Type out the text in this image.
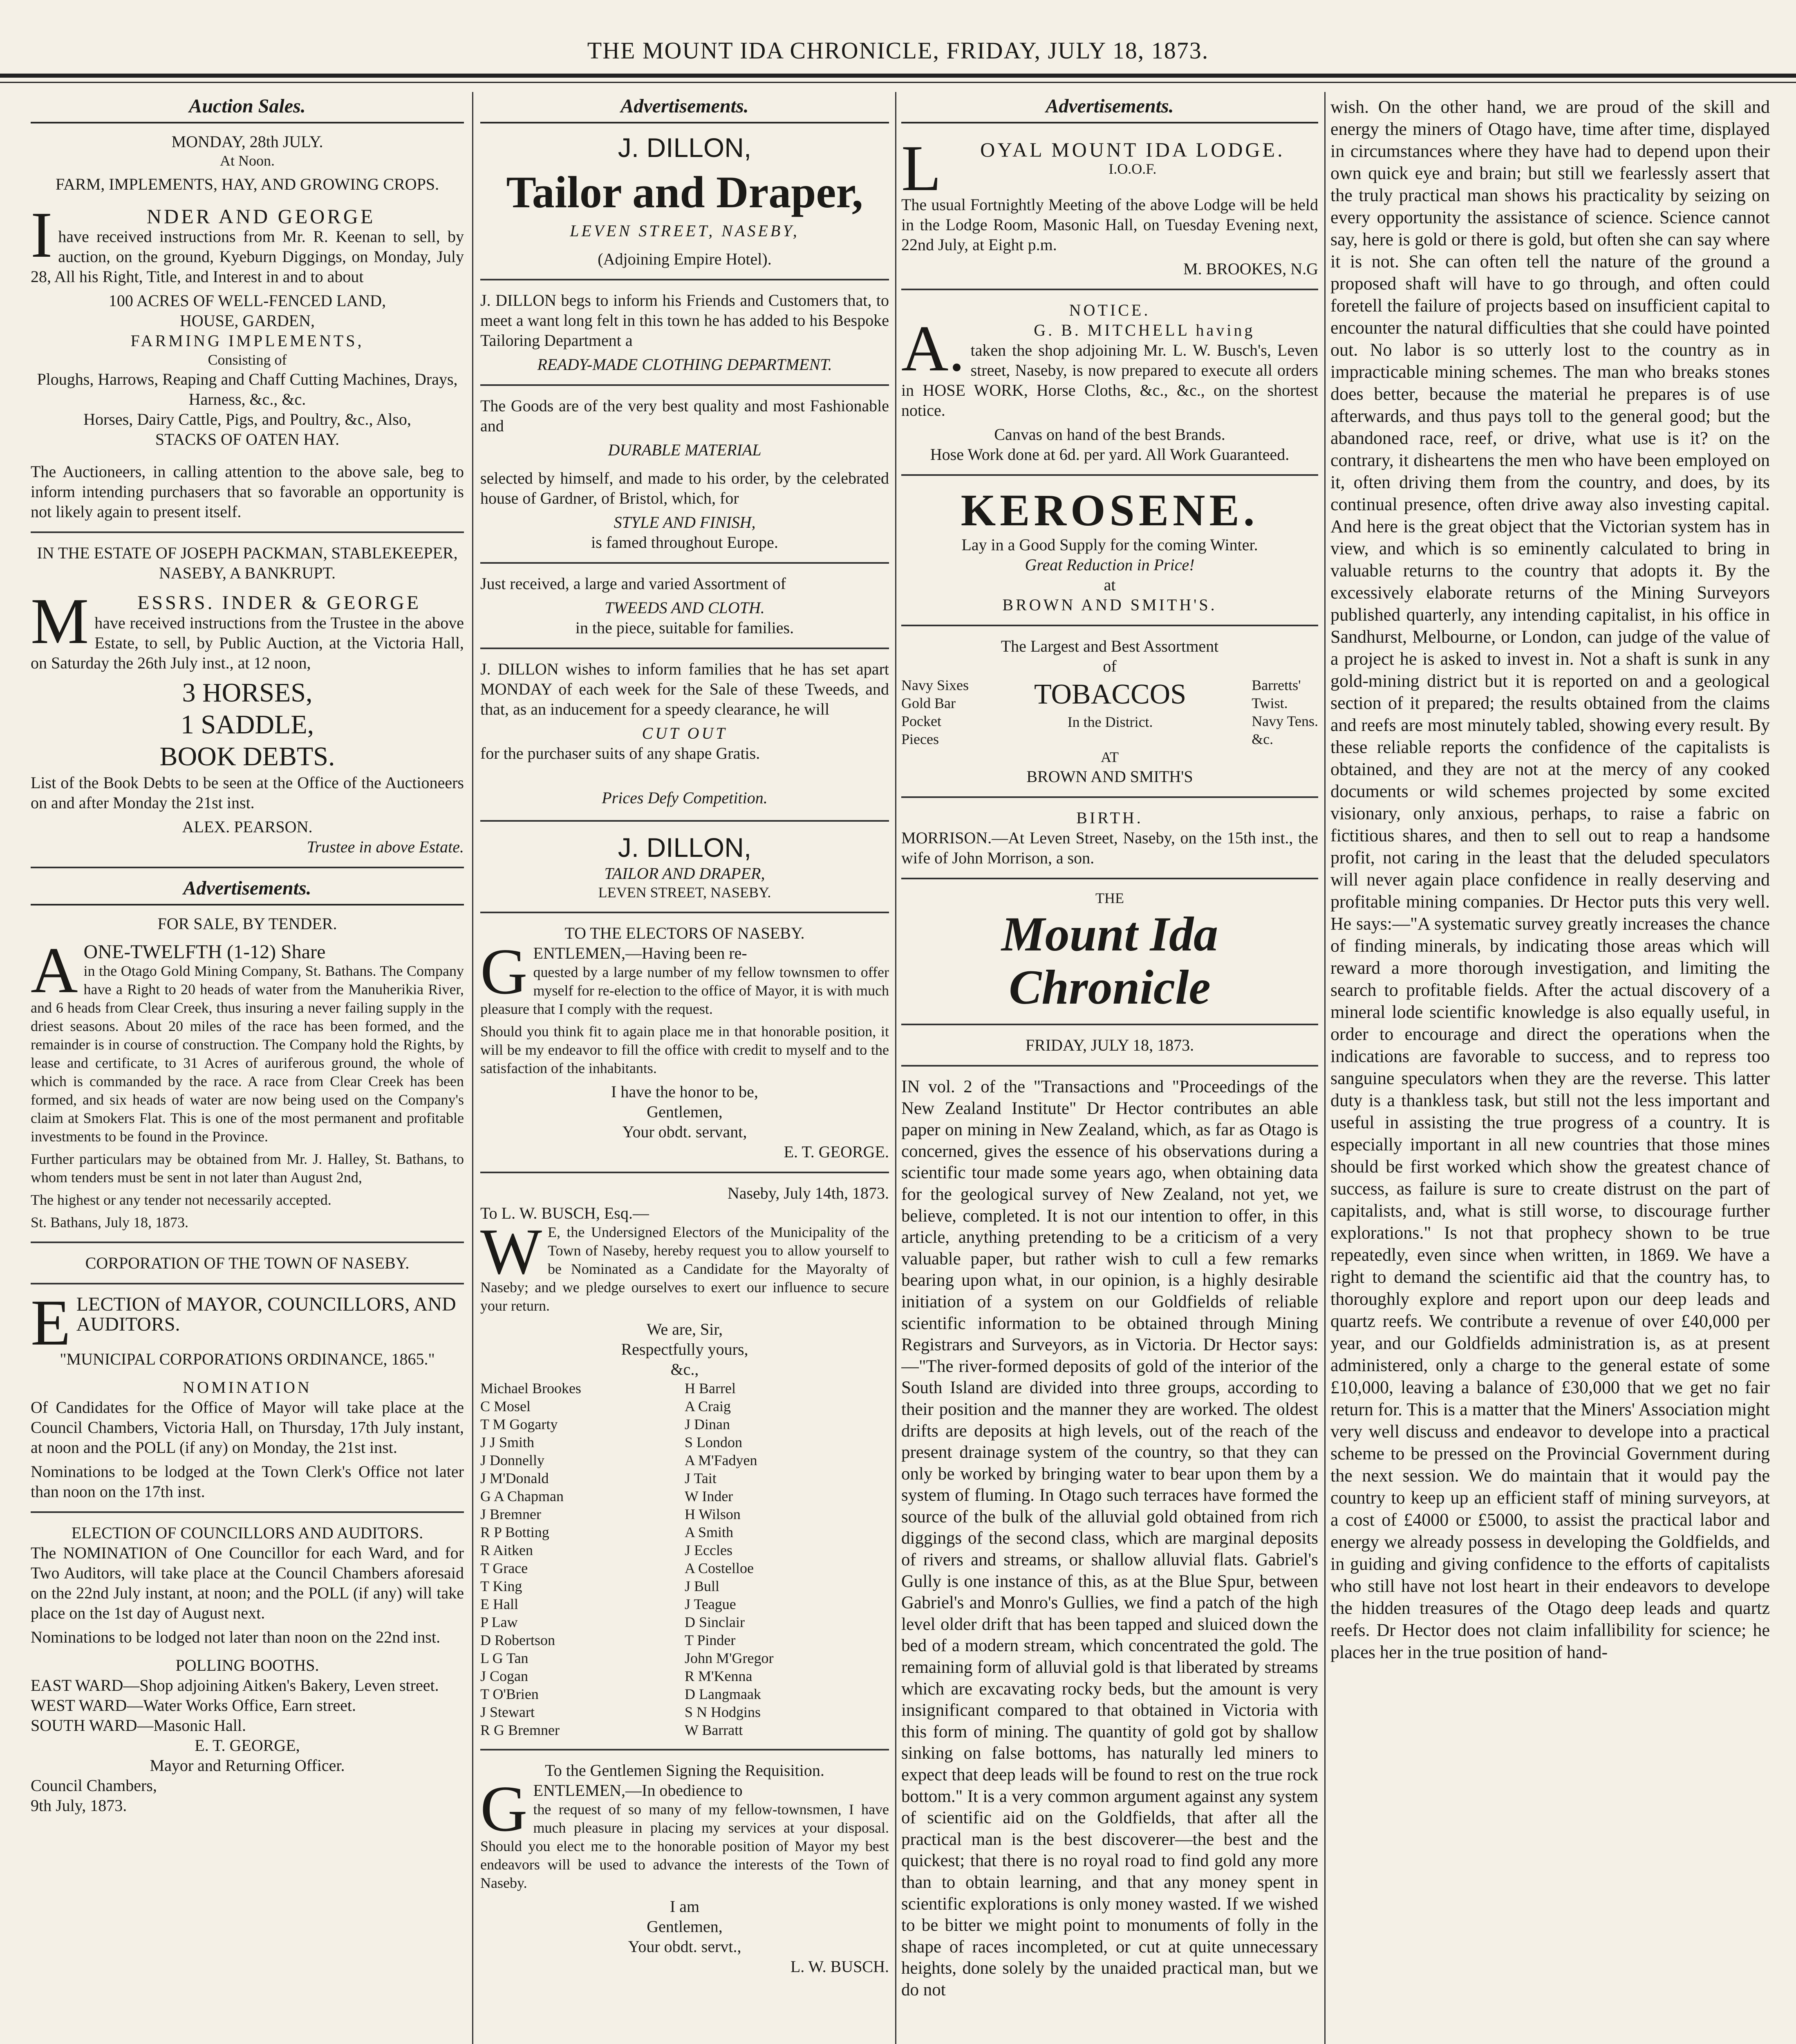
THE MOUNT IDA CHRONICLE, FRIDAY, JULY 18, 1873.
Auction Sales.
MONDAY, 28th JULY.
At Noon.
FARM, IMPLEMENTS, HAY, AND GROWING CROPS.
I	NDER AND GEORGE

have received instructions from Mr. R. Keenan to sell, by auction, on the ground, Kyeburn Diggings, on Monday, July 28, All his Right, Title, and Interest in and to about

100 ACRES OF WELL-FENCED LAND,
HOUSE, GARDEN,
FARMING IMPLEMENTS,
Consisting of
Ploughs, Harrows, Reaping and Chaff Cutting Machines, Drays, Harness, &c., &c.
Horses, Dairy Cattle, Pigs, and Poultry, &c., Also,
STACKS OF OATEN HAY.

The Auctioneers, in calling attention to the above sale, beg to inform intending purchasers that so favorable an opportunity is not likely again to present itself.

IN THE ESTATE OF JOSEPH PACKMAN, STABLEKEEPER, NASEBY, A BANKRUPT.
M	ESSRS. INDER & GEORGE

have received instructions from the Trustee in the above Estate, to sell, by Public Auction, at the Victoria Hall, on Saturday the 26th July inst., at 12 noon,

3 HORSES,
1 SADDLE,
BOOK DEBTS.

List of the Book Debts to be seen at the Office of the Auctioneers on and after Monday the 21st inst.

ALEX. PEARSON.
Trustee in above Estate.
Advertisements.
FOR SALE, BY TENDER.
A ONE-TWELFTH (1-12) Share

in the Otago Gold Mining Company, St. Bathans. The Company have a Right to 20 heads of water from the Manuherikia River, and 6 heads from Clear Creek, thus insuring a never failing supply in the driest seasons. About 20 miles of the race has been formed, and the remainder is in course of construction. The Company hold the Rights, by lease and certificate, to 31 Acres of auriferous ground, the whole of which is commanded by the race. A race from Clear Creek has been formed, and six heads of water are now being used on the Company's claim at Smokers Flat. This is one of the most permanent and profitable investments to be found in the Province.

Further particulars may be obtained from Mr. J. Halley, St. Bathans, to whom tenders must be sent in not later than August 2nd,

The highest or any tender not necessarily accepted.

St. Bathans, July 18, 1873.
CORPORATION OF THE TOWN OF NASEBY.
E LECTION of MAYOR, COUNCILLORS, AND AUDITORS.
"MUNICIPAL CORPORATIONS ORDINANCE, 1865."
NOMINATION

Of Candidates for the Office of Mayor will take place at the Council Chambers, Victoria Hall, on Thursday, 17th July instant, at noon and the POLL (if any) on Monday, the 21st inst.

Nominations to be lodged at the Town Clerk's Office not later than noon on the 17th inst.

ELECTION OF COUNCILLORS AND AUDITORS.

The NOMINATION of One Councillor for each Ward, and for Two Auditors, will take place at the Council Chambers aforesaid on the 22nd July instant, at noon; and the POLL (if any) will take place on the 1st day of August next.

Nominations to be lodged not later than noon on the 22nd inst.

POLLING BOOTHS.
EAST WARD—Shop adjoining Aitken's Bakery, Leven street.
WEST WARD—Water Works Office, Earn street.
SOUTH WARD—Masonic Hall.
E. T. GEORGE,
Mayor and Returning Officer.
Council Chambers,
9th July, 1873.
Advertisements.
J. DILLON,
Tailor and Draper,
LEVEN STREET, NASEBY,
(Adjoining Empire Hotel).

J. DILLON begs to inform his Friends and Customers that, to meet a want long felt in this town he has added to his Bespoke Tailoring Department a

READY-MADE CLOTHING DEPARTMENT.

The Goods are of the very best quality and most Fashionable and

DURABLE MATERIAL

selected by himself, and made to his order, by the celebrated house of Gardner, of Bristol, which, for

STYLE AND FINISH,
is famed throughout Europe.

Just received, a large and varied Assortment of

TWEEDS AND CLOTH.
in the piece, suitable for families.

J. DILLON wishes to inform families that he has set apart MONDAY of each week for the Sale of these Tweeds, and that, as an inducement for a speedy clearance, he will

CUT OUT

for the purchaser suits of any shape Gratis.

Prices Defy Competition.
J. DILLON,
TAILOR AND DRAPER,
LEVEN STREET, NASEBY.
TO THE ELECTORS OF NASEBY.
G ENTLEMEN,—Having been re-

quested by a large number of my fellow townsmen to offer myself for re-election to the office of Mayor, it is with much pleasure that I comply with the request.

Should you think fit to again place me in that honorable position, it will be my endeavor to fill the office with credit to myself and to the satisfaction of the inhabitants.

I have the honor to be,
Gentlemen,
Your obdt. servant,
E. T. GEORGE.
Naseby, July 14th, 1873.
To L. W. BUSCH, Esq.—
W E, the Undersigned Electors of the Municipality of the Town of Naseby, hereby request you to allow yourself to be Nominated as a Candidate for the Mayoralty of Naseby; and we pledge ourselves to exert our influence to secure your return.

We are, Sir,
Respectfully yours,
&c.,
Michael Brookes	H Barrel
C Mosel	A Craig
T M Gogarty	J Dinan
J J Smith	S London
J Donnelly	A M'Fadyen
J M'Donald	J Tait
G A Chapman	W Inder
J Bremner	H Wilson
R P Botting	A Smith
R Aitken	J Eccles
T Grace	A Costelloe
T King	J Bull
E Hall	J Teague
P Law	D Sinclair
D Robertson	T Pinder
L G Tan	John M'Gregor
J Cogan	R M'Kenna
T O'Brien	D Langmaak
J Stewart	S N Hodgins
R G Bremner	W Barratt
To the Gentlemen Signing the Requisition.
G ENTLEMEN,—In obedience to

the request of so many of my fellow-townsmen, I have much pleasure in placing my services at your disposal. Should you elect me to the honorable position of Mayor my best endeavors will be used to advance the interests of the Town of Naseby.

I am
Gentlemen,
Your obdt. servt.,
L. W. BUSCH.
Advertisements.
L	OYAL MOUNT IDA LODGE.
I.O.O.F.

The usual Fortnightly Meeting of the above Lodge will be held in the Lodge Room, Masonic Hall, on Tuesday Evening next, 22nd July, at Eight p.m.

M. BROOKES, N.G
NOTICE.
A.	G. B. MITCHELL having

taken the shop adjoining Mr. L. W. Busch's, Leven street, Naseby, is now prepared to execute all orders in HOSE WORK, Horse Cloths, &c., &c., on the shortest notice.

Canvas on hand of the best Brands.
Hose Work done at 6d. per yard. All Work Guaranteed.
KEROSENE.
Lay in a Good Supply for the coming Winter.
Great Reduction in Price!
at
BROWN AND SMITH'S.
The Largest and Best Assortment
of
Navy Sixes
Gold Bar
Pocket
Pieces
TOBACCOS
In the District.
Barretts'
Twist.
Navy Tens.
&c.
AT
BROWN AND SMITH'S
BIRTH.

MORRISON.—At Leven Street, Naseby, on the 15th inst., the wife of John Morrison, a son.

THE
Mount Ida Chronicle
FRIDAY, JULY 18, 1873.

IN vol. 2 of the "Transactions and "Proceedings of the New Zealand Institute" Dr Hector contributes an able paper on mining in New Zealand, which, as far as Otago is concerned, gives the essence of his observations during a scientific tour made some years ago, when obtaining data for the geological survey of New Zealand, not yet, we believe, completed. It is not our intention to offer, in this article, anything pretending to be a criticism of a very valuable paper, but rather wish to cull a few remarks bearing upon what, in our opinion, is a highly desirable initiation of a system on our Goldfields of reliable scientific information to be obtained through Mining Registrars and Surveyors, as in Victoria. Dr Hector says:—"The river-formed deposits of gold of the interior of the South Island are divided into three groups, according to their position and the manner they are worked. The oldest drifts are deposits at high levels, out of the reach of the present drainage system of the country, so that they can only be worked by bringing water to bear upon them by a system of fluming. In Otago such terraces have formed the source of the bulk of the alluvial gold obtained from rich diggings of the second class, which are marginal deposits of rivers and streams, or shallow alluvial flats. Gabriel's Gully is one instance of this, as at the Blue Spur, between Gabriel's and Monro's Gullies, we find a patch of the high level older drift that has been tapped and sluiced down the bed of a modern stream, which concentrated the gold. The remaining form of alluvial gold is that liberated by streams which are excavating rocky beds, but the amount is very insignificant compared to that obtained in Victoria with this form of mining. The quantity of gold got by shallow sinking on false bottoms, has naturally led miners to expect that deep leads will be found to rest on the true rock bottom." It is a very common argument against any system of scientific aid on the Goldfields, that after all the practical man is the best discoverer—the best and the quickest; that there is no royal road to find gold any more than to obtain learning, and that any money spent in scientific explorations is only money wasted. If we wished to be bitter we might point to monuments of folly in the shape of races incompleted, or cut at quite unnecessary heights, done solely by the unaided practical man, but we do not

wish. On the other hand, we are proud of the skill and energy the miners of Otago have, time after time, displayed in circumstances where they have had to depend upon their own quick eye and brain; but still we fearlessly assert that the truly practical man shows his practicality by seizing on every opportunity the assistance of science. Science cannot say, here is gold or there is gold, but often she can say where it is not. She can often tell the nature of the ground a proposed shaft will have to go through, and often could foretell the failure of projects based on insufficient capital to encounter the natural difficulties that she could have pointed out. No labor is so utterly lost to the country as in impracticable mining schemes. The man who breaks stones does better, because the material he prepares is of use afterwards, and thus pays toll to the general good; but the abandoned race, reef, or drive, what use is it? on the contrary, it disheartens the men who have been employed on it, often driving them from the country, and does, by its continual presence, often drive away also investing capital. And here is the great object that the Victorian system has in view, and which is so eminently calculated to bring in valuable returns to the country that adopts it. By the excessively elaborate returns of the Mining Surveyors published quarterly, any intending capitalist, in his office in Sandhurst, Melbourne, or London, can judge of the value of a project he is asked to invest in. Not a shaft is sunk in any gold-mining district but it is reported on and a geological section of it prepared; the results obtained from the claims and reefs are most minutely tabled, showing every result. By these reliable reports the confidence of the capitalists is obtained, and they are not at the mercy of any cooked documents or wild schemes projected by some excited visionary, only anxious, perhaps, to raise a fabric on fictitious shares, and then to sell out to reap a handsome profit, not caring in the least that the deluded speculators will never again place confidence in really deserving and profitable mining companies. Dr Hector puts this very well. He says:—"A systematic survey greatly increases the chance of finding minerals, by indicating those areas which will reward a more thorough investigation, and limiting the search to profitable fields. After the actual discovery of a mineral lode scientific knowledge is also equally useful, in order to encourage and direct the operations when the indications are favorable to success, and to repress too sanguine speculators when they are the reverse. This latter duty is a thankless task, but still not the less important and useful in assisting the true progress of a country. It is especially important in all new countries that those mines should be first worked which show the greatest chance of success, as failure is sure to create distrust on the part of capitalists, and, what is still worse, to discourage further explorations." Is not that prophecy shown to be true repeatedly, even since when written, in 1869. We have a right to demand the scientific aid that the country has, to thoroughly explore and report upon our deep leads and quartz reefs. We contribute a revenue of over £40,000 per year, and our Goldfields administration is, as at present administered, only a charge to the general estate of some £10,000, leaving a balance of £30,000 that we get no fair return for. This is a matter that the Miners' Association might very well discuss and endeavor to develope into a practical scheme to be pressed on the Provincial Government during the next session. We do maintain that it would pay the country to keep up an efficient staff of mining surveyors, at a cost of £4000 or £5000, to assist the practical labor and energy we already possess in developing the Goldfields, and in guiding and giving confidence to the efforts of capitalists who still have not lost heart in their endeavors to develope the hidden treasures of the Otago deep leads and quartz reefs. Dr Hector does not claim infallibility for science; he places her in the true position of hand-
